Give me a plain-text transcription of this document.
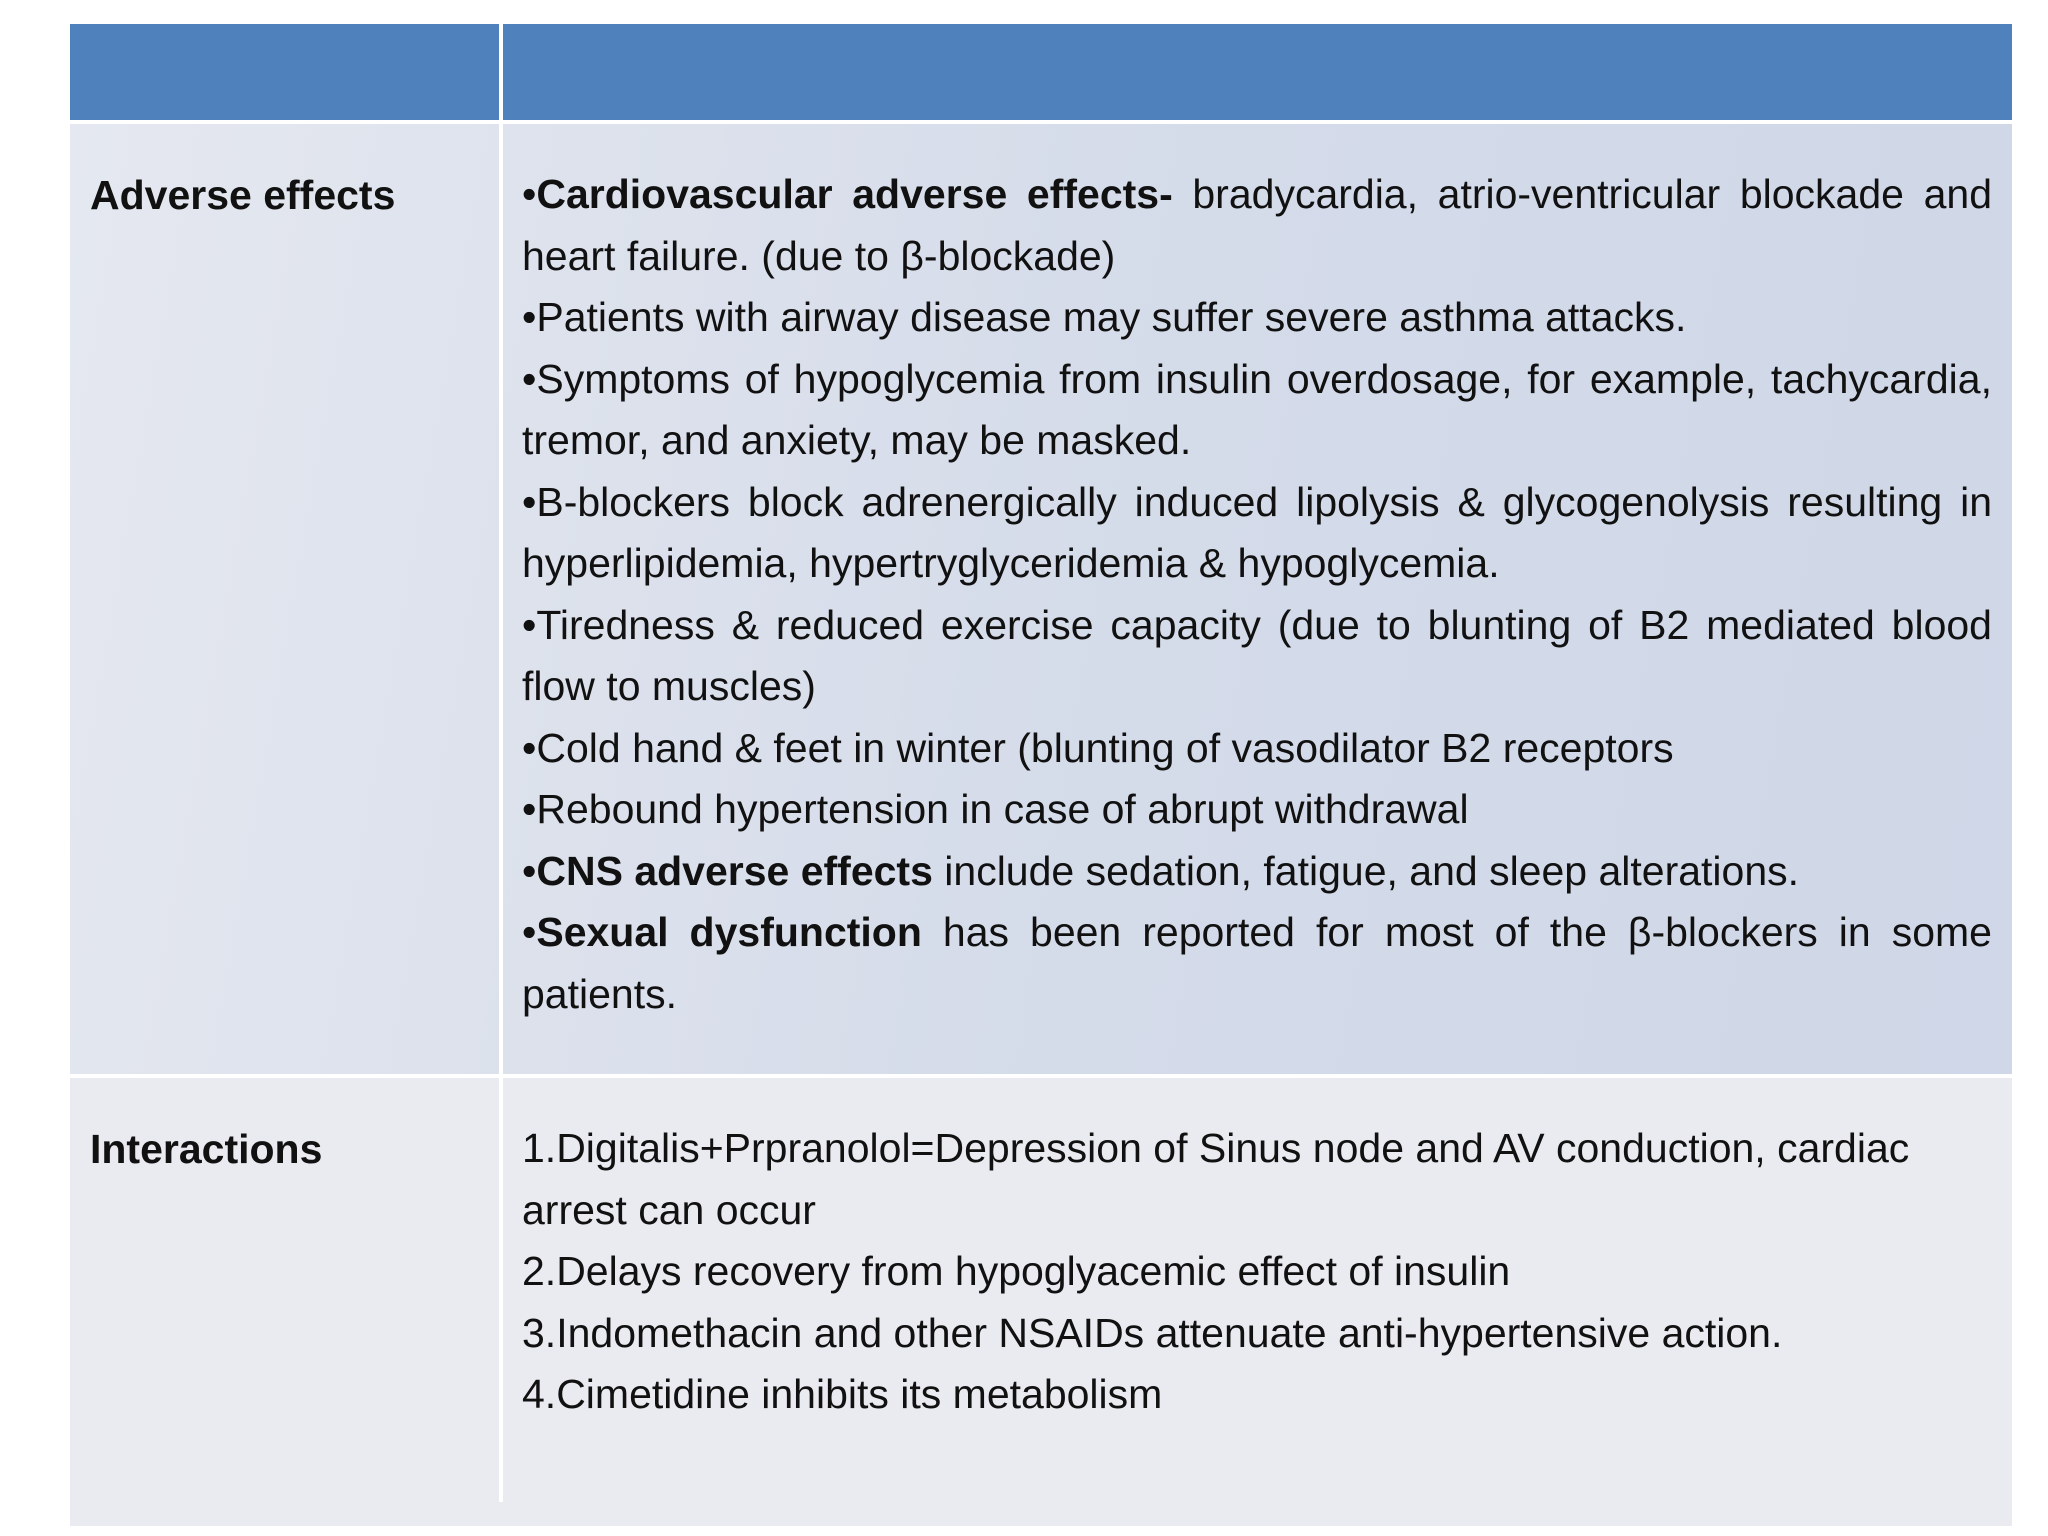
Adverse effects	•Cardiovascular adverse effects- bradycardia, atrio-ventricular blockade and heart failure. (due to β-blockade)

•Patients with airway disease may suffer severe asthma attacks.

•Symptoms of hypoglycemia from insulin overdosage, for example, tachycardia, tremor, and anxiety, may be masked.

•B-blockers block adrenergically induced lipolysis & glycogenolysis resulting in hyperlipidemia, hypertryglyceridemia & hypoglycemia.

•Tiredness & reduced exercise capacity (due to blunting of B2 mediated blood flow to muscles)

•Cold hand & feet in winter (blunting of vasodilator B2 receptors

•Rebound hypertension in case of abrupt withdrawal

•CNS adverse effects include sedation, fatigue, and sleep alterations.

•Sexual dysfunction has been reported for most of the β-blockers in some patients.

Interactions	1.Digitalis+Prpranolol=Depression of Sinus node and AV conduction, cardiac arrest can occur

2.Delays recovery from hypoglyacemic effect of insulin

3.Indomethacin and other NSAIDs attenuate anti-hypertensive action.

4.Cimetidine inhibits its metabolism
